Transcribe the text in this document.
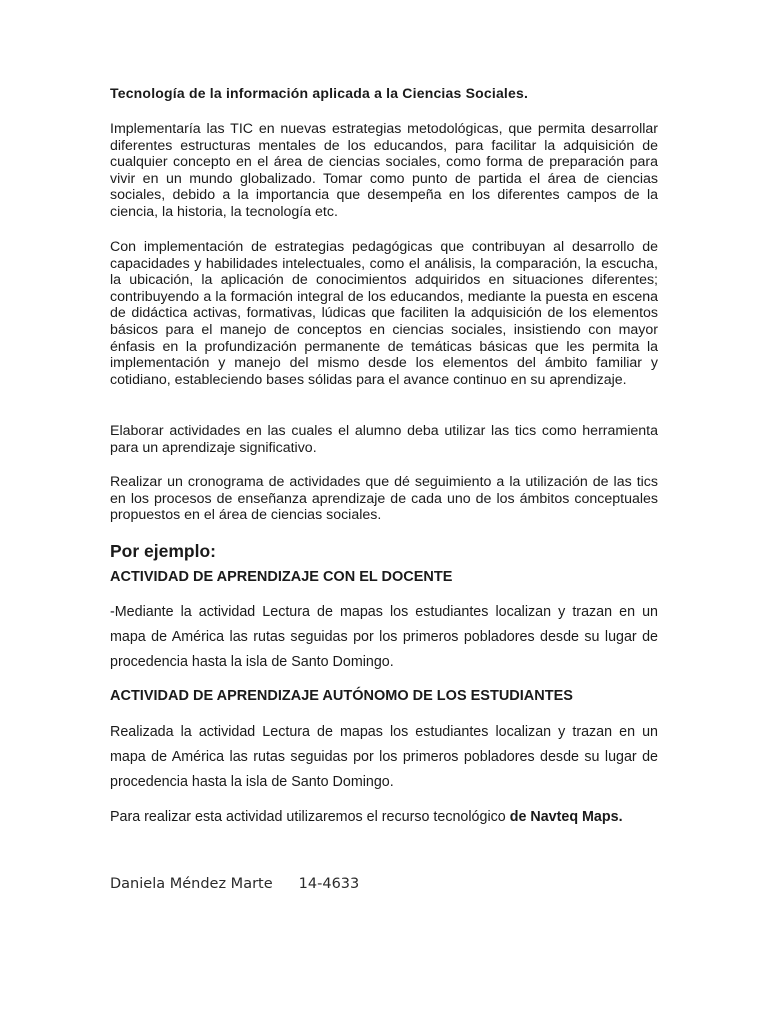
Tecnología de la información aplicada a la Ciencias Sociales.

Implementaría las TIC en nuevas estrategias metodológicas, que permita desarrollar diferentes estructuras mentales de los educandos, para facilitar la adquisición de cualquier concepto en el área de ciencias sociales, como forma de preparación para vivir en un mundo globalizado. Tomar como punto de partida el área de ciencias sociales, debido a la importancia que desempeña en los diferentes campos de la ciencia, la historia, la tecnología etc.

Con implementación de estrategias pedagógicas que contribuyan al desarrollo de capacidades y habilidades intelectuales, como el análisis, la comparación, la escucha, la ubicación, la aplicación de conocimientos adquiridos en situaciones diferentes; contribuyendo a la formación integral de los educandos, mediante la puesta en escena de didáctica activas, formativas, lúdicas que faciliten la adquisición de los elementos básicos para el manejo de conceptos en ciencias sociales, insistiendo con mayor énfasis en la profundización permanente de temáticas básicas que les permita la implementación y manejo del mismo desde los elementos del ámbito familiar y cotidiano, estableciendo bases sólidas para el avance continuo en su aprendizaje.

Elaborar actividades en las cuales el alumno deba utilizar las tics como herramienta para un aprendizaje significativo.

Realizar un cronograma de actividades que dé seguimiento a la utilización de las tics en los procesos de enseñanza aprendizaje de cada uno de los ámbitos conceptuales propuestos en el área de ciencias sociales.

Por ejemplo:
ACTIVIDAD DE APRENDIZAJE CON EL DOCENTE

-Mediante la actividad Lectura de mapas los estudiantes localizan y trazan en un mapa de América las rutas seguidas por los primeros pobladores desde su lugar de procedencia hasta la isla de Santo Domingo.

ACTIVIDAD DE APRENDIZAJE AUTÓNOMO DE LOS ESTUDIANTES

Realizada la actividad Lectura de mapas los estudiantes localizan y trazan en un mapa de América las rutas seguidas por los primeros pobladores desde su lugar de procedencia hasta la isla de Santo Domingo.

Para realizar esta actividad utilizaremos el recurso tecnológico de Navteq Maps.

Daniela Méndez Marte 14-4633
